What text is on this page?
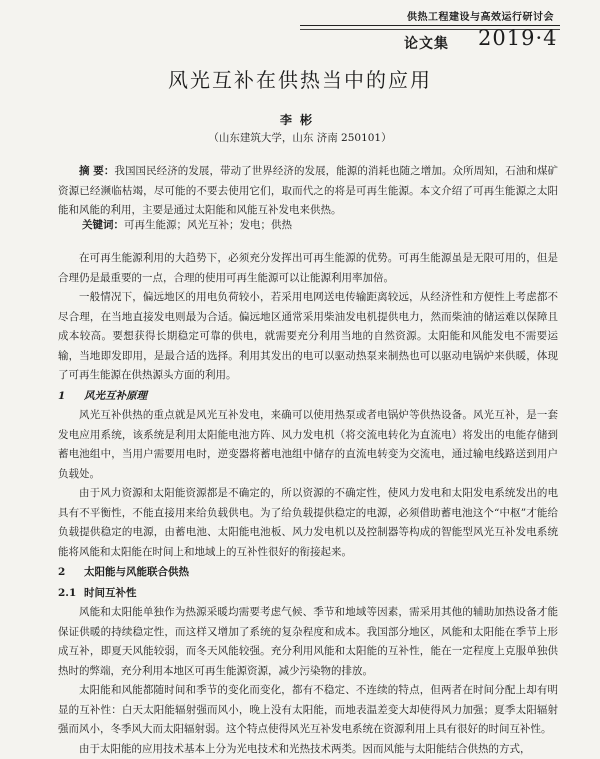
供热工程建设与高效运行研讨会
论文集 2019·4
风光互补在供热当中的应用
李彬
（山东建筑大学，山东 济南 250101）
摘 要：我国国民经济的发展，带动了世界经济的发展，能源的消耗也随之增加。众所周知，石油和煤矿资源已经濒临枯竭，尽可能的不要去使用它们，取而代之的将是可再生能源。本文介绍了可再生能源之太阳能和风能的利用，主要是通过太阳能和风能互补发电来供热。
关键词：可再生能源；风光互补；发电；供热

在可再生能源利用的大趋势下，必须充分发挥出可再生能源的优势。可再生能源虽是无限可用的，但是合理仍是最重要的一点，合理的使用可再生能源可以让能源利用率加倍。

一般情况下，偏远地区的用电负荷较小，若采用电网送电传输距离较远，从经济性和方便性上考虑都不尽合理，在当地直接发电则最为合适。偏远地区通常采用柴油发电机提供电力，然而柴油的储运难以保障且成本较高。要想获得长期稳定可靠的供电，就需要充分利用当地的自然资源。太阳能和风能发电不需要运输，当地即发即用，是最合适的选择。利用其发出的电可以驱动热泵来制热也可以驱动电锅炉来供暖，体现了可再生能源在供热源头方面的利用。

1 风光互补原理

风光互补供热的重点就是风光互补发电，来确可以使用热泵或者电锅炉等供热设备。风光互补，是一套发电应用系统，该系统是利用太阳能电池方阵、风力发电机（将交流电转化为直流电）将发出的电能存储到蓄电池组中，当用户需要用电时，逆变器将蓄电池组中储存的直流电转变为交流电，通过输电线路送到用户负载处。

由于风力资源和太阳能资源都是不确定的，所以资源的不确定性，使风力发电和太阳发电系统发出的电具有不平衡性，不能直接用来给负载供电。为了给负载提供稳定的电源，必须借助蓄电池这个“中枢”才能给负载提供稳定的电源，由蓄电池、太阳能电池板、风力发电机以及控制器等构成的智能型风光互补发电系统能将风能和太阳能在时间上和地域上的互补性很好的衔接起来。

2 太阳能与风能联合供热
2.1 时间互补性

风能和太阳能单独作为热源采暖均需要考虑气候、季节和地域等因素，需采用其他的辅助加热设备才能保证供暖的持续稳定性，而这样又增加了系统的复杂程度和成本。我国部分地区，风能和太阳能在季节上形成互补，即夏天风能较弱，而冬天风能较强。充分利用风能和太阳能的互补性，能在一定程度上克服单独供热时的弊端，充分利用本地区可再生能源资源，减少污染物的排放。

太阳能和风能都随时间和季节的变化而变化，都有不稳定、不连续的特点，但两者在时间分配上却有明显的互补性：白天太阳能辐射强而风小，晚上没有太阳能，而地表温差变大却使得风力加强；夏季太阳辐射强而风小，冬季风大而太阳辐射弱。这个特点使得风光互补发电系统在资源利用上具有很好的时间互补性。

由于太阳能的应用技术基本上分为光电技术和光热技术两类。因而风能与太阳能结合供热的方式，
